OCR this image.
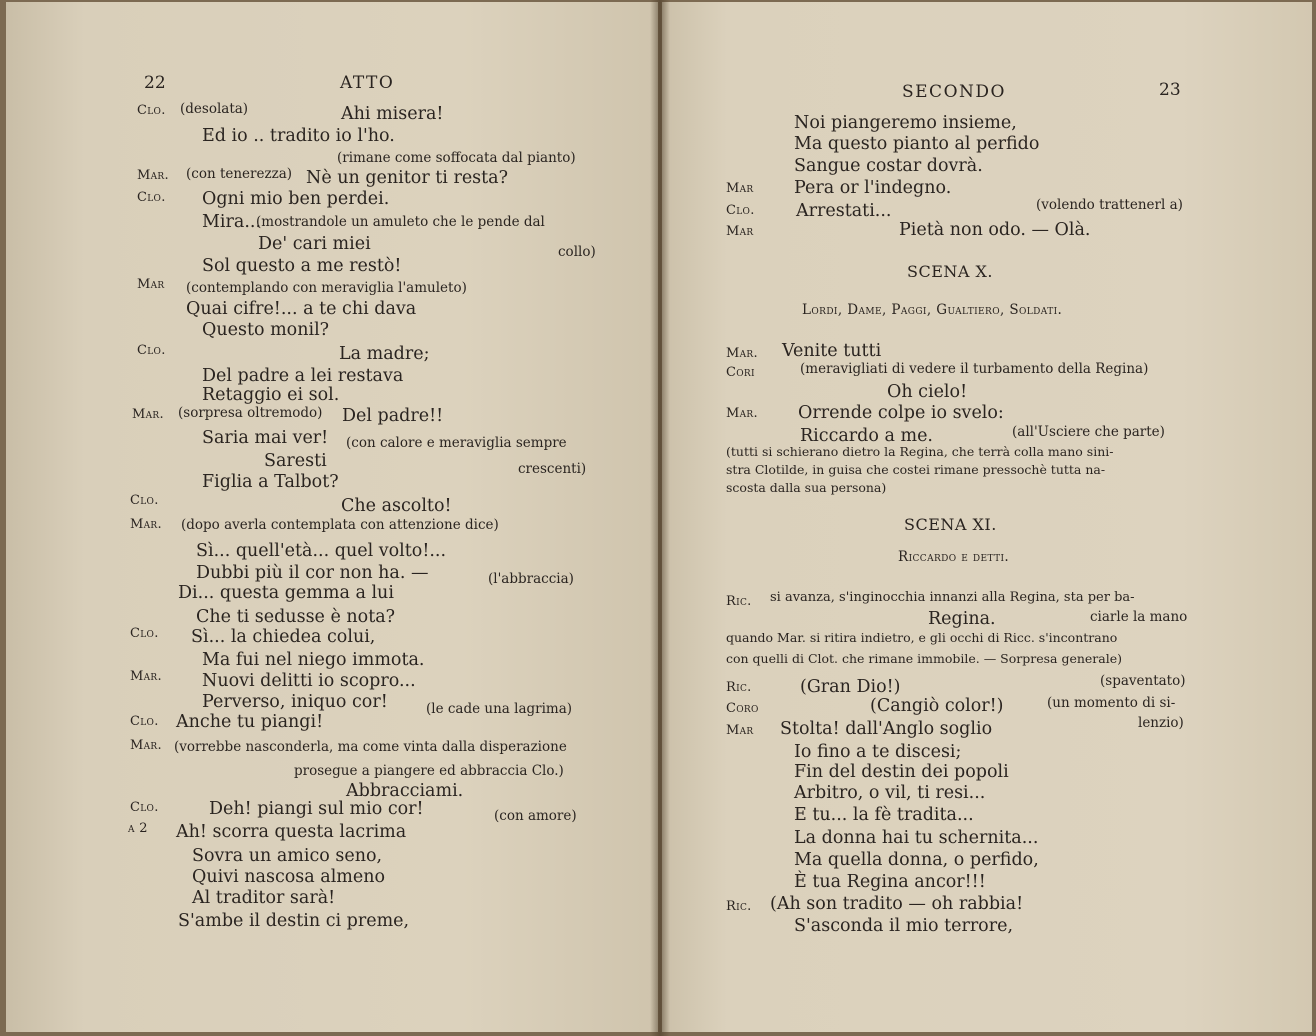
22	ATTO
Clo. (desolata)	Ahi misera!
Ed io .. tradito io l'ho.
(rimane come soffocata dal pianto)
Mar. (con tenerezza) Nè un genitor ti resta?
Clo. Ogni mio ben perdei.
Mira...
(mostrandole un amuleto che le pende dal
De' cari miei	collo)
Sol questo a me restò!
Mar (contemplando con meraviglia l'amuleto)
Quai cifre!... a te chi dava
Questo monil?
Clo.	La madre;
Del padre a lei restava
Retaggio ei sol.
Mar. (sorpresa oltremodo) Del padre!!
Saria mai ver! (con calore e meraviglia sempre
Saresti	crescenti)
Figlia a Talbot?
Clo.	Che ascolto!
Mar. (dopo averla contemplata con attenzione dice)
Sì... quell'età... quel volto!...
Dubbi più il cor non ha. —	(l'abbraccia)
Di... questa gemma a lui
Che ti sedusse è nota?
Clo. Sì... la chiedea colui,
Ma fui nel niego immota.
Mar. Nuovi delitti io scopro...
Perverso, iniquo cor!	(le cade una lagrima)
Clo. Anche tu piangi!
Mar. (vorrebbe nasconderla, ma come vinta dalla disperazione
prosegue a piangere ed abbraccia Clo.)
Abbracciami.
Clo.	Deh! piangi sul mio cor!	(con amore)
a 2 Ah! scorra questa lacrima
Sovra un amico seno,
Quivi nascosa almeno
Al traditor sarà!
S'ambe il destin ci preme,
SECONDO	23
Noi piangeremo insieme,
Ma questo pianto al perfido
Sangue costar dovrà.
Mar Pera or l'indegno.
Clo. Arrestati...	(volendo trattenerl a)
Mar	Pietà non odo. — Olà.
SCENA X.
Lordi, Dame, Paggi, Gualtiero, Soldati.
Mar. Venite tutti
Cori	(meravigliati di vedere il turbamento della Regina)
Oh cielo!
Mar. Orrende colpe io svelo:
Riccardo a me.	(all'Usciere che parte)
(tutti si schierano dietro la Regina, che terrà colla mano sini-
stra Clotilde, in guisa che costei rimane pressochè tutta na-
scosta dalla sua persona)
SCENA XI.
Riccardo e detti.
Ric. si avanza, s'inginocchia innanzi alla Regina, sta per ba-
Regina.	ciarle la mano
quando Mar. si ritira indietro, e gli occhi di Ricc. s'incontrano
con quelli di Clot. che rimane immobile. — Sorpresa generale)
Ric.	(Gran Dio!)	(spaventato)
Coro	(Cangiò color!)	(un momento di si-
Mar Stolta! dall'Anglo soglio	lenzio)
Io fino a te discesi;
Fin del destin dei popoli
Arbitro, o vil, ti resi...
E tu... la fè tradita...
La donna hai tu schernita...
Ma quella donna, o perfido,
È tua Regina ancor!!!
Ric. (Ah son tradito — oh rabbia!
S'asconda il mio terrore,
